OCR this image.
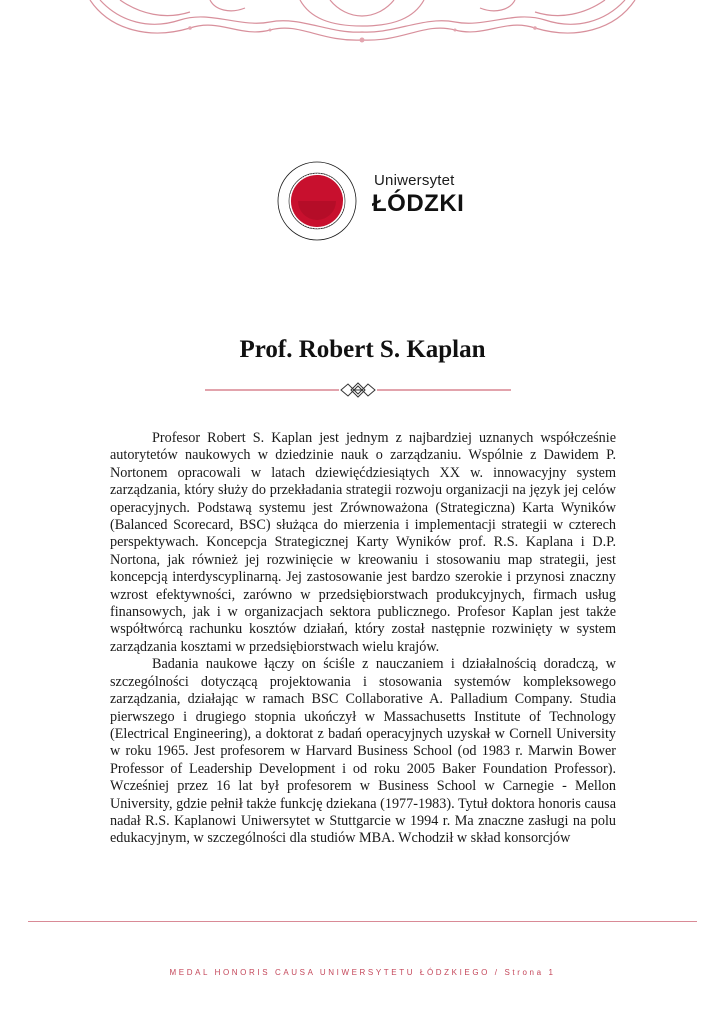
Uniwersytet
ŁÓDZKI
Prof. Robert S. Kaplan

Profesor Robert S. Kaplan jest jednym z najbardziej uznanych współcześnie autorytetów naukowych w dziedzinie nauk o zarządzaniu. Wspólnie z Dawidem P. Nortonem opracowali w latach dziewięćdziesiątych XX w. innowacyjny system zarządzania, który służy do przekładania strategii rozwoju organizacji na język jej celów operacyjnych. Podstawą systemu jest Zrównoważona (Strategiczna) Karta Wyników (Balanced Scorecard, BSC) służąca do mierzenia i implementacji strategii w czterech perspektywach. Koncepcja Strategicznej Karty Wyników prof. R.S. Kaplana i D.P. Nortona, jak również jej rozwinięcie w kreowaniu i stosowaniu map strategii, jest koncepcją interdyscyplinarną. Jej zastosowanie jest bardzo szerokie i przynosi znaczny wzrost efektywności, zarówno w przedsiębiorstwach produkcyjnych, firmach usług finansowych, jak i w organizacjach sektora publicznego. Profesor Kaplan jest także współtwórcą rachunku kosztów działań, który został następnie rozwinięty w system zarządzania kosztami w przedsiębiorstwach wielu krajów.

Badania naukowe łączy on ściśle z nauczaniem i działalnością doradczą, w szczególności dotyczącą projektowania i stosowania systemów kompleksowego zarządzania, działając w ramach BSC Collaborative A. Palladium Company. Studia pierwszego i drugiego stopnia ukończył w Massachusetts Institute of Technology (Electrical Engineering), a doktorat z badań operacyjnych uzyskał w Cornell University w roku 1965. Jest profesorem w Harvard Business School (od 1983 r. Marwin Bower Professor of Leadership Development i od roku 2005 Baker Foundation Professor). Wcześniej przez 16 lat był profesorem w Business School w Carnegie - Mellon University, gdzie pełnił także funkcję dziekana (1977-1983). Tytuł doktora honoris causa nadał R.S. Kaplanowi Uniwersytet w Stuttgarcie w 1994 r. Ma znaczne zasługi na polu edukacyjnym, w szczególności dla studiów MBA. Wchodził w skład konsorcjów

MEDAL HONORIS CAUSA UNIWERSYTETU ŁÓDZKIEGO / Strona 1
